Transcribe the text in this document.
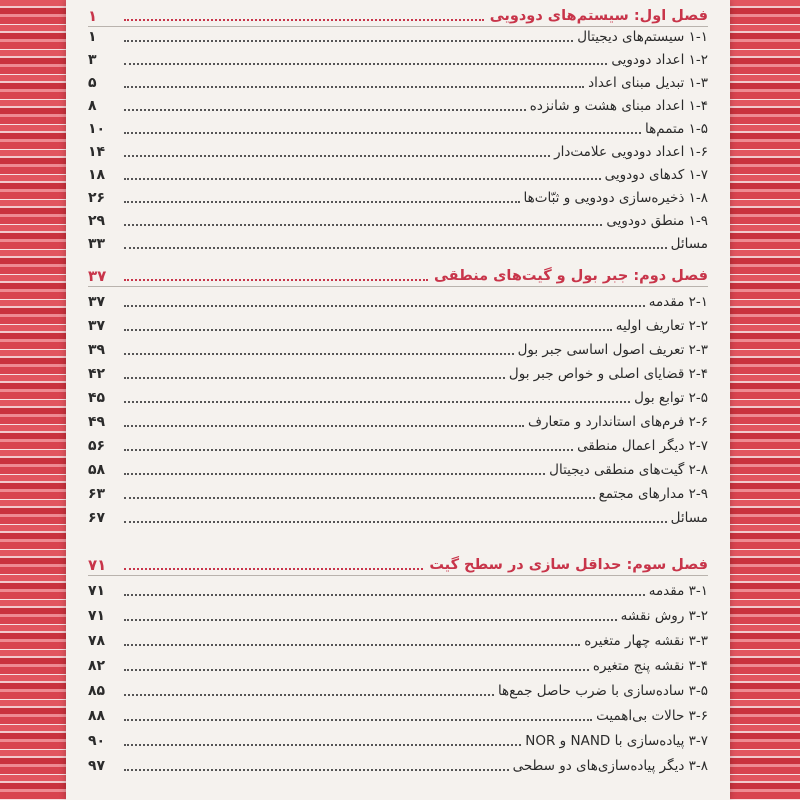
فصل اول: سیستم‌های دودویی
۱
۱-۱ سیستم‌های دیجیتال
۱
۱-۲ اعداد دودویی
۳
۱-۳ تبدیل مبنای اعداد
۵
۱-۴ اعداد مبنای هشت و شانزده
۸
۱-۵ متمم‌ها
۱۰
۱-۶ اعداد دودویی علامت‌دار
۱۴
۱-۷ کدهای دودویی
۱۸
۱-۸ ذخیره‌سازی دودویی و ثبّات‌ها
۲۶
۱-۹ منطق دودویی
۲۹
مسائل
۳۳
فصل دوم: جبر بول و گیت‌های منطقی
۳۷
۲-۱ مقدمه
۳۷
۲-۲ تعاریف اولیه
۳۷
۲-۳ تعریف اصول اساسی جبر بول
۳۹
۲-۴ قضایای اصلی و خواص جبر بول
۴۲
۲-۵ توابع بول
۴۵
۲-۶ فرم‌های استاندارد و متعارف
۴۹
۲-۷ دیگر اعمال منطقی
۵۶
۲-۸ گیت‌های منطقی دیجیتال
۵۸
۲-۹ مدارهای مجتمع
۶۳
مسائل
۶۷
فصل سوم: حداقل سازی در سطح گیت
۷۱
۳-۱ مقدمه
۷۱
۳-۲ روش نقشه
۷۱
۳-۳ نقشه چهار متغیره
۷۸
۳-۴ نقشه پنج متغیره
۸۲
۳-۵ ساده‌سازی با ضرب حاصل جمع‌ها
۸۵
۳-۶ حالات بی‌اهمیت
۸۸
۳-۷ پیاده‌سازی با NAND و NOR
۹۰
۳-۸ دیگر پیاده‌سازی‌های دو سطحی
۹۷
